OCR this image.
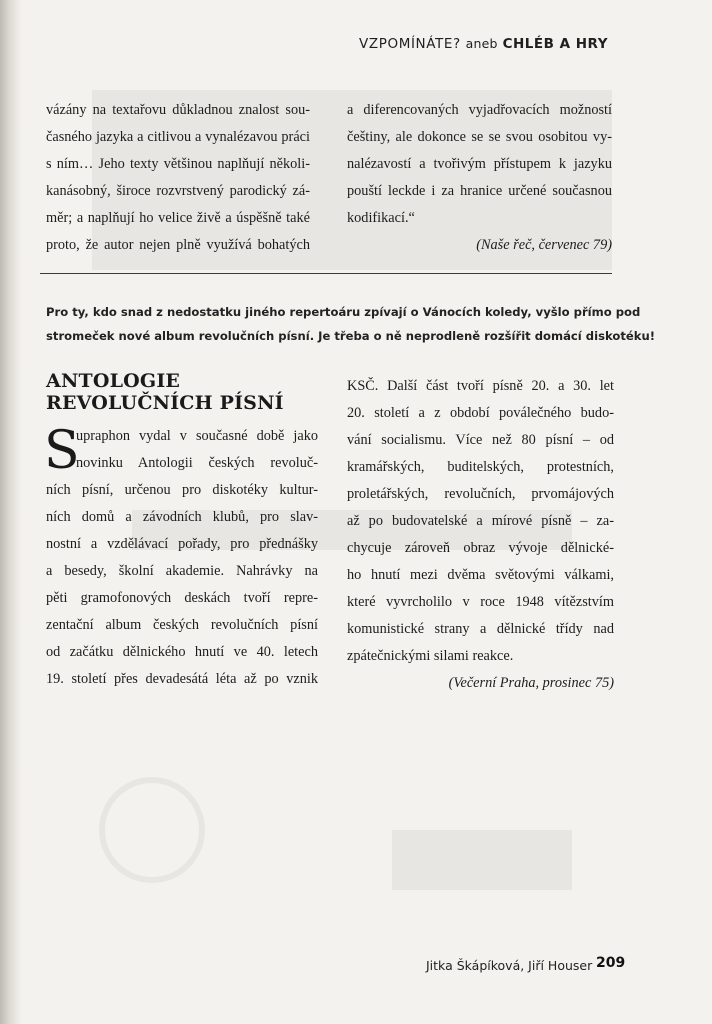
VZPOMÍNÁTE? aneb CHLÉB A HRY
vázány na textařovu důkladnou znalost sou-
časného jazyka a citlivou a vynalézavou práci
s ním… Jeho texty většinou naplňují několi-
kanásobný, široce rozvrstvený parodický zá-
měr; a naplňují ho velice živě a úspěšně také
proto, že autor nejen plně využívá bohatých
a diferencovaných vyjadřovacích možností
češtiny, ale dokonce se se svou osobitou vy-
nalézavostí a tvořivým přístupem k jazyku
pouští leckde i za hranice určené současnou
kodifikací.“
(Naše řeč, červenec 79)
Pro ty, kdo snad z nedostatku jiného repertoáru zpívají o Vánocích koledy, vyšlo přímo pod
stromeček nové album revolučních písní. Je třeba o ně neprodleně rozšířit domácí diskotéku!
ANTOLOGIE
REVOLUČNÍCH PÍSNÍ
S
upraphon vydal v současné době jako
novinku Antologii českých revoluč-
ních písní, určenou pro diskotéky kultur-
ních domů a závodních klubů, pro slav-
nostní a vzdělávací pořady, pro přednášky
a besedy, školní akademie. Nahrávky na
pěti gramofonových deskách tvoří repre-
zentační album českých revolučních písní
od začátku dělnického hnutí ve 40. letech
19. století přes devadesátá léta až po vznik
KSČ. Další část tvoří písně 20. a 30. let
20. století a z období poválečného budo-
vání socialismu. Více než 80 písní – od
kramářských, buditelských, protestních,
proletářských, revolučních, prvomájových
až po budovatelské a mírové písně – za-
chycuje zároveň obraz vývoje dělnické-
ho hnutí mezi dvěma světovými válkami,
které vyvrcholilo v roce 1948 vítězstvím
komunistické strany a dělnické třídy nad
zpátečnickými silami reakce.
(Večerní Praha, prosinec 75)
Jitka Škápíková, Jiří Houser 209
